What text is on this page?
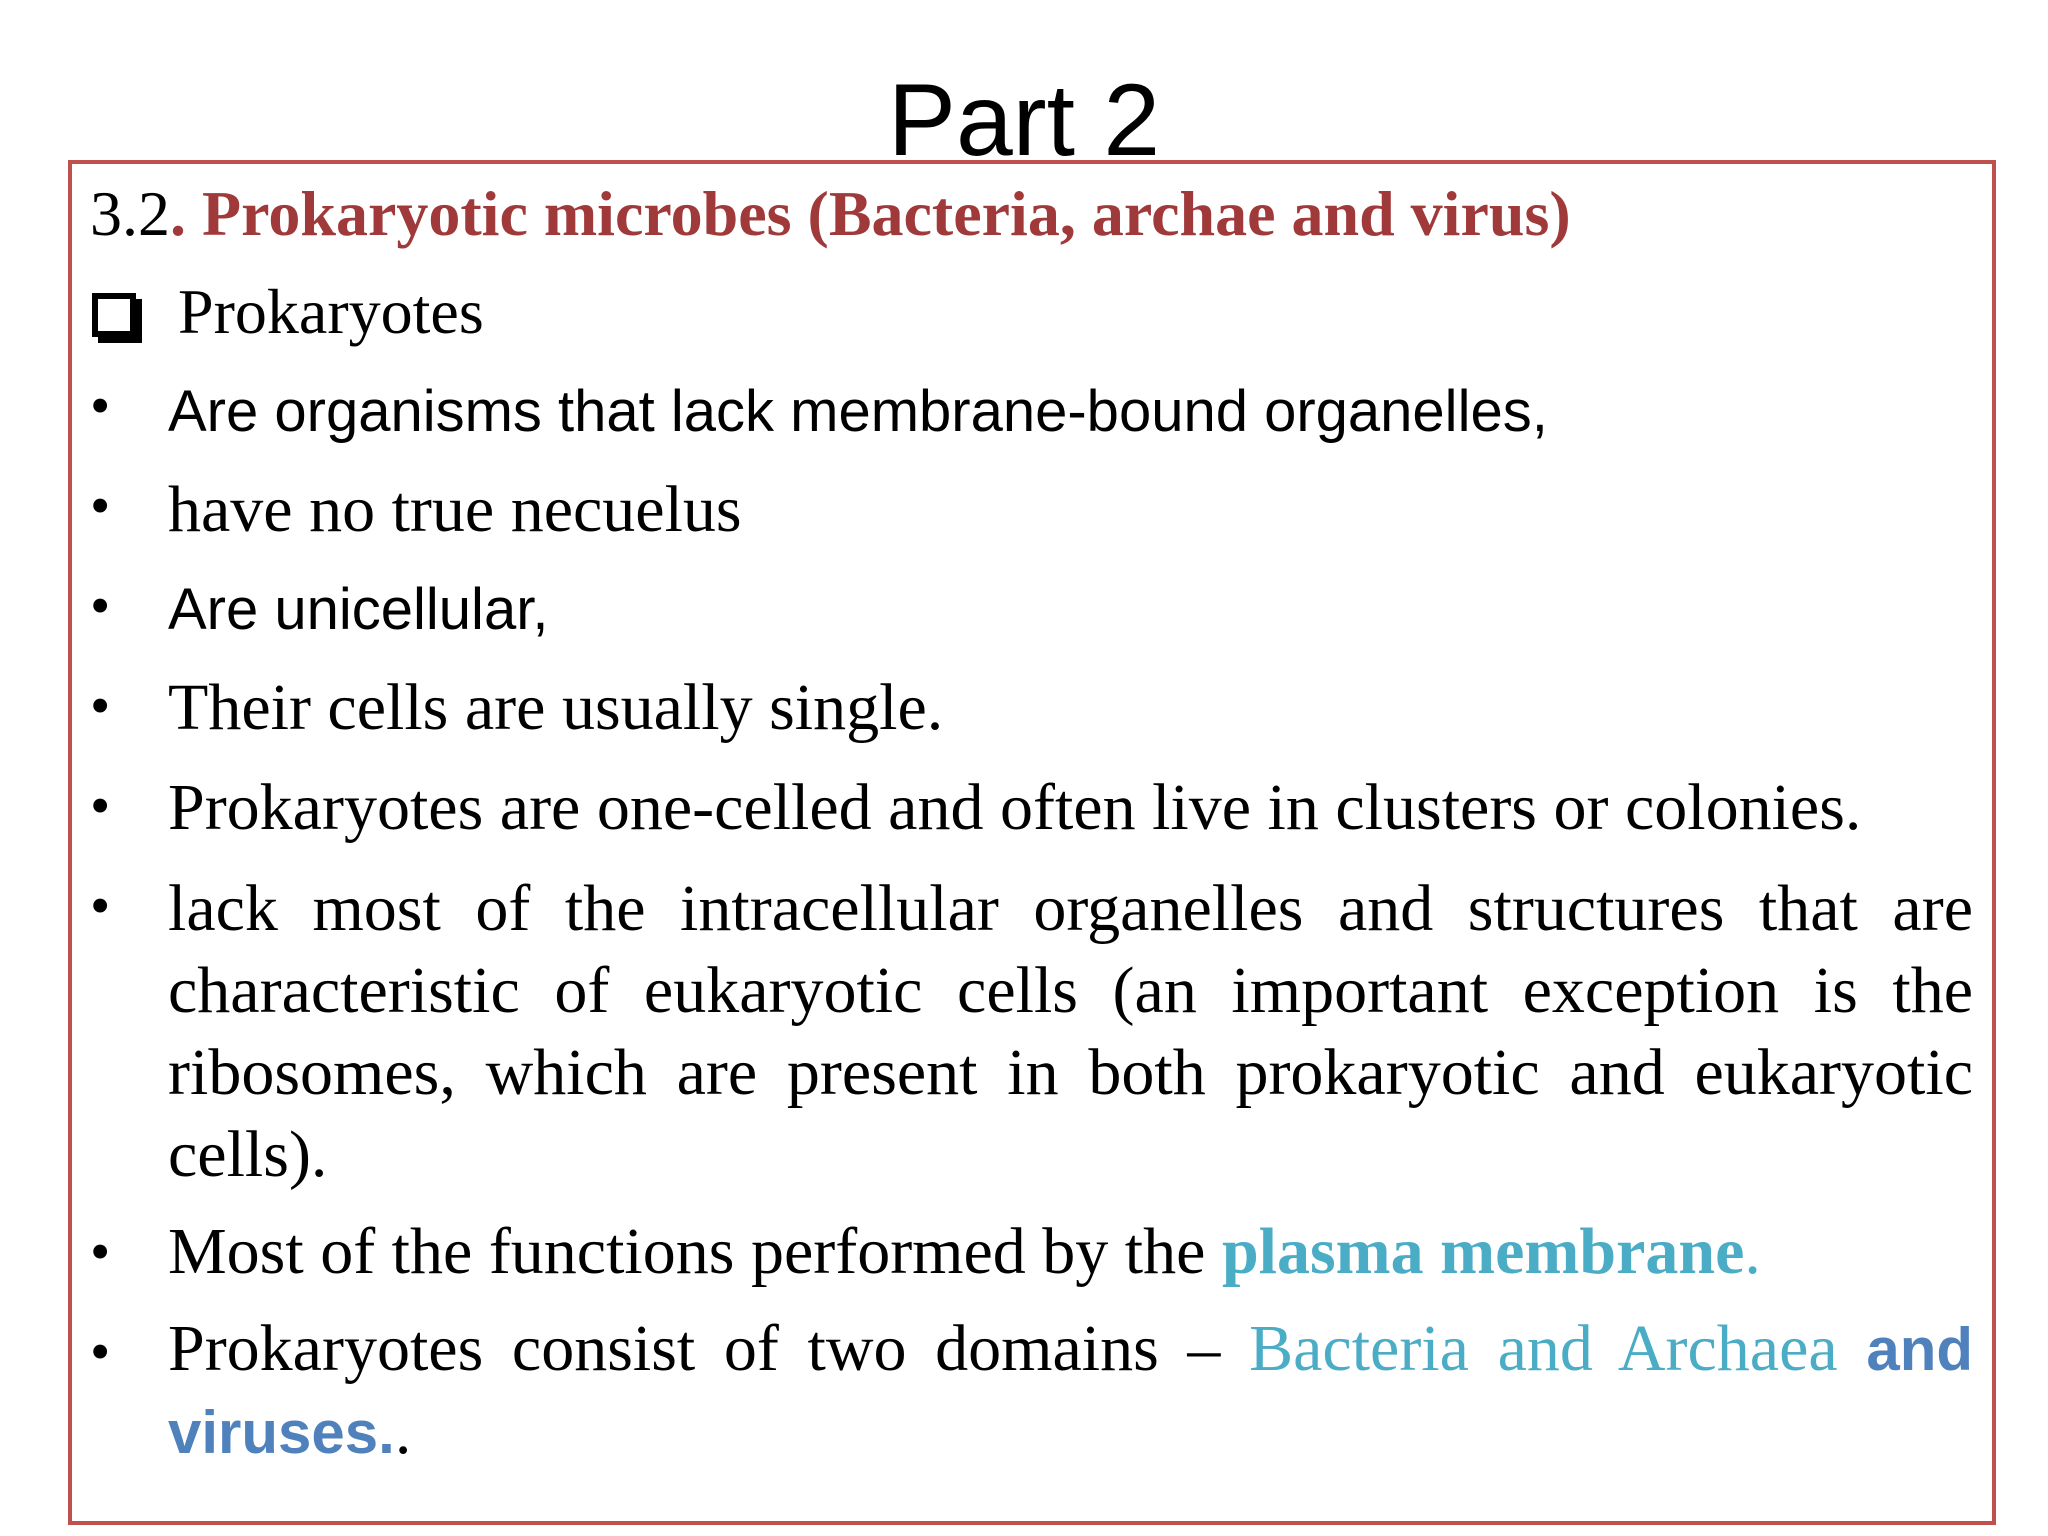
Part 2

3.2. Prokaryotic microbes (Bacteria, archae and virus)

Prokaryotes

• Are organisms that lack membrane-bound organelles,

• have no true necuelus

• Are unicellular,

• Their cells are usually single.

• Prokaryotes are one-celled and often live in clusters or colonies.

• lack most of the intracellular organelles and structures that are characteristic of eukaryotic cells (an important exception is the ribosomes, which are present in both prokaryotic and eukaryotic cells).

• Most of the functions performed by the plasma membrane.

• Prokaryotes consist of two domains – Bacteria and Archaea and viruses..
